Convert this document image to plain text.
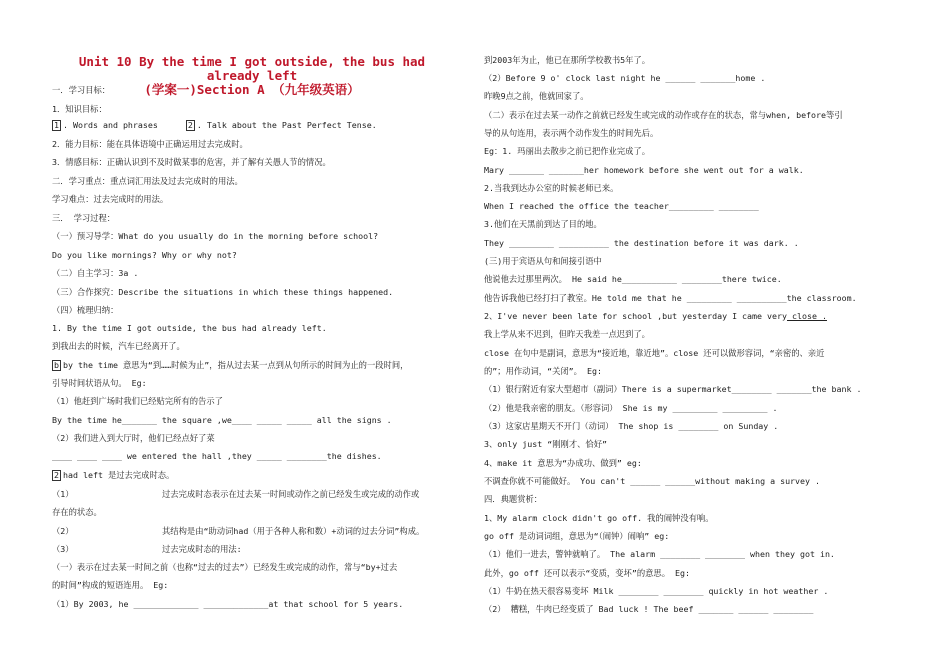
Unit 10 By the time I got outside, the bus had already left
(学案一)Section A （九年级英语）
一．学习目标：
1．知识目标：
1 . Words and phrases	2 . Talk about the Past Perfect Tense.
2．能力目标：能在具体语境中正确运用过去完成时。
3．情感目标：正确认识到不及时做某事的危害，并了解有关愚人节的情况。
二．学习重点：重点词汇用法及过去完成时的用法。
学习难点：过去完成时的用法。
三． 学习过程：
（一）预习导学：What do you usually do in the morning before school?
Do you like mornings? Why or why not?
（二）自主学习：3a .
（三）合作探究：Describe the situations in which these things happened.
（四）梳理归纳：
1. By the time I got outside, the bus had already left.
到我出去的时候，汽车已经离开了。
b by the time 意思为“到……时候为止”，指从过去某一点到从句所示的时间为止的一段时间，
引导时间状语从句。 Eg:
（1）他赶到广场时我们已经贴完所有的告示了
By the time he_______ the square ,we____ _____ _____ all the signs .
（2）我们进入到大厅时，他们已经点好了菜
____ ____ ____ we entered the hall ,they _____ ________the dishes.
2 had left 是过去完成时态。
（1）	过去完成时态表示在过去某一时间或动作之前已经发生或完成的动作或
存在的状态。
（2）	其结构是由“助动词had（用于各种人称和数）+动词的过去分词”构成。
（3）	过去完成时态的用法:
（一）表示在过去某一时间之前（也称“过去的过去”）已经发生或完成的动作，常与“by+过去
的时间”构成的短语连用。 Eg:
（1）By 2003, he _____________ _____________at that school for 5 years.
到2003年为止，他已在那所学校教书5年了。
（2）Before 9 o' clock last night he ______ _______home .
昨晚9点之前，他就回家了。
（二）表示在过去某一动作之前就已经发生或完成的动作或存在的状态，常与when, before等引
导的从句连用，表示两个动作发生的时间先后。
Eg：1. 玛丽出去散步之前已把作业完成了。
Mary _______ _______her homework before she went out for a walk.
2.当我到达办公室的时候老师已来。
When I reached the office the teacher_________ ________
3.他们在天黑前到达了目的地。
They _________ __________ the destination before it was dark. .
(三)用于宾语从句和间接引语中
他说他去过那里两次。 He said he___________ ________there twice.
他告诉我他已经打扫了教室。He told me that he _________ __________the classroom.
2、I've never been late for school ,but yesterday I came very close .
我上学从来不迟到，但昨天我差一点迟到了。
close 在句中是副词，意思为“接近地，靠近地”。close 还可以做形容词，“亲密的、亲近
的”；用作动词，“关闭”。 Eg:
（1）银行附近有家大型超市（副词）There is a supermarket________ _______the bank .
（2）他是我亲密的朋友。（形容词） She is my _________ _________ .
（3）这家店星期天不开门（动词） The shop is ________ on Sunday .
3、only just “刚刚才、恰好”
4、make it 意思为“办成功、做到” eg:
不调查你就不可能做好。 You can't ______ ______without making a survey .
四．典题赏析：
1、My alarm clock didn't go off. 我的闹钟没有响。
go off 是动词词组，意思为“（闹钟）闹响” eg:
（1）他们一进去，警钟就响了。 The alarm ________ ________ when they got in.
此外，go off 还可以表示“变质，变坏”的意思。 Eg:
（1）牛奶在热天很容易变坏 Milk ________ ________ quickly in hot weather .
（2） 糟糕，牛肉已经变质了 Bad luck ! The beef _______ ______ ________
